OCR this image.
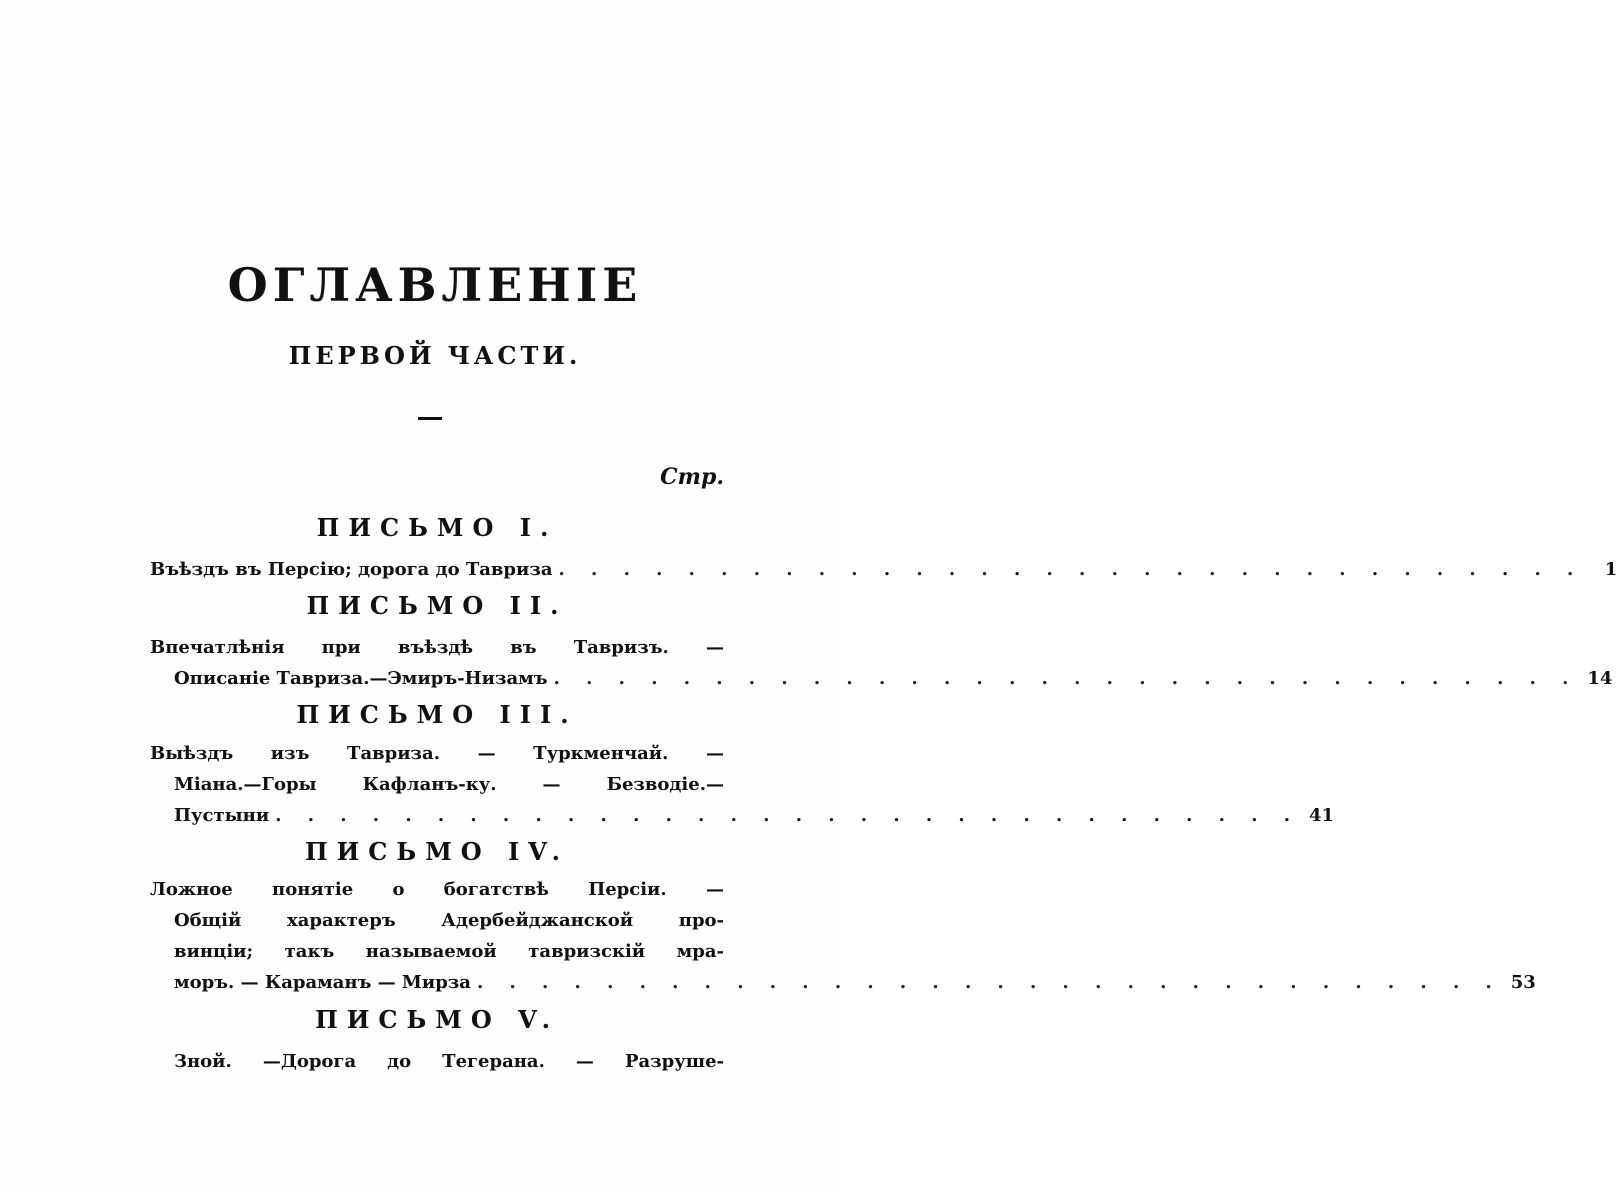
ОГЛАВЛЕНІЕ
ПЕРВОЙ ЧАСТИ.

Стр.

ПИСЬМО I.
Въѣздъ въ Персію; дорога до Тавриза . . . . . . . . . . . . . . . . . . . . . . . . . . . . . . . .	1
ПИСЬМО II.
Впечатлѣнія при въѣздѣ въ Тавризъ. —
Описаніе Тавриза.—Эмиръ-Низамъ . . . . . . . . . . . . . . . . . . . . . . . . . . . . . . . . 14
ПИСЬМО III.
Выѣздъ изъ Тавриза. — Туркменчай. —
Міана.—Горы Кафланъ-ку. — Безводіе.—
Пустыни . . . . . . . . . . . . . . . . . . . . . . . . . . . . . . . . 41
ПИСЬМО IV.
Ложное понятіе о богатствѣ Персіи. —
Общій характеръ Адербейджанской про-
винціи; такъ называемой тавризскій мра-
моръ. — Караманъ — Мирза . . . . . . . . . . . . . . . . . . . . . . . . . . . . . . . . 53
ПИСЬМО V.
Зной. —Дорога до Тегерана. — Разруше-
